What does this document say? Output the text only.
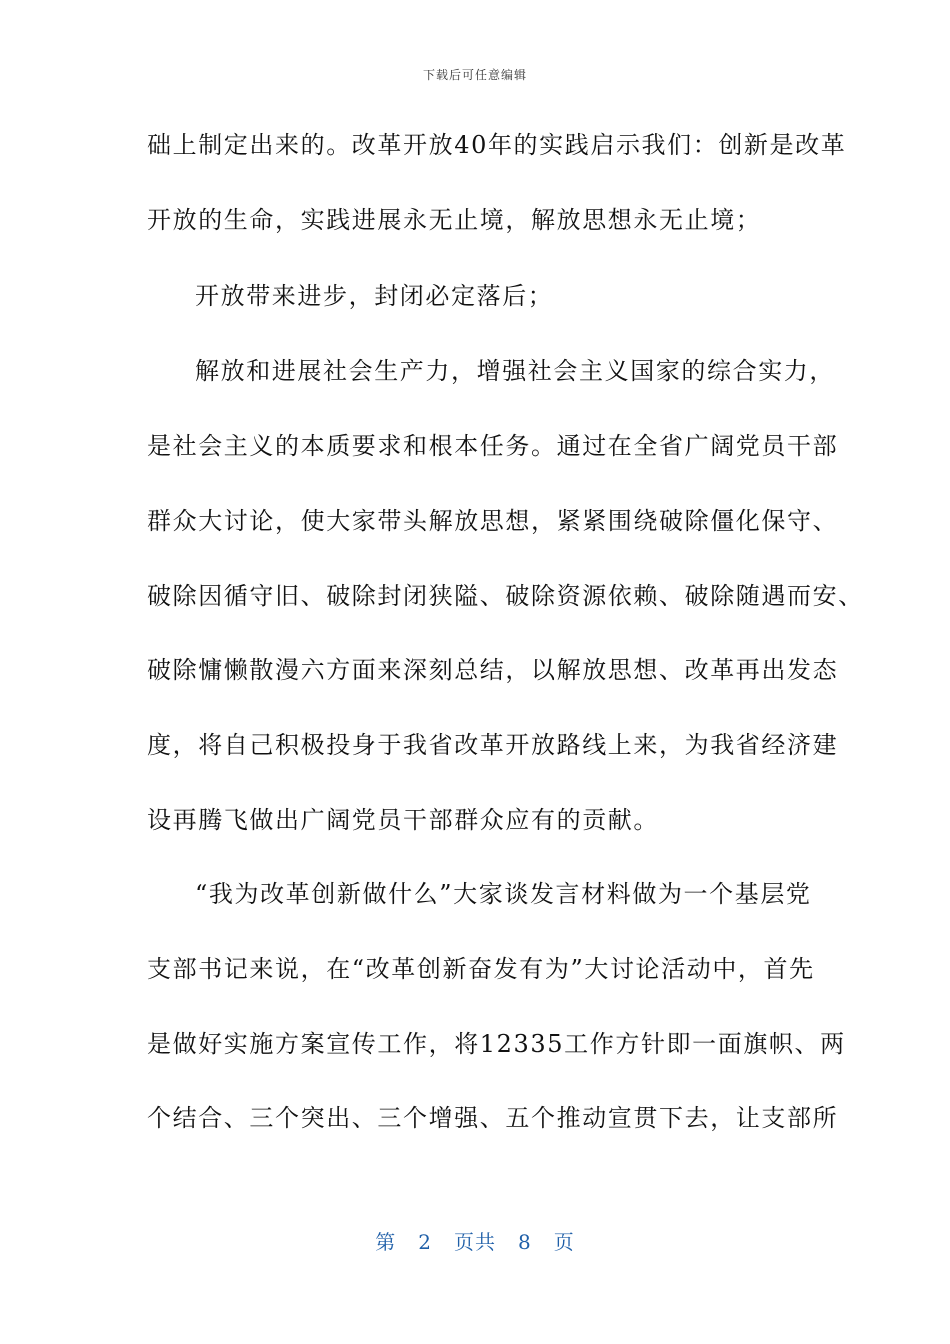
下载后可任意编辑
础上制定出来的。改革开放40年的实践启示我们：创新是改革
开放的生命，实践进展永无止境，解放思想永无止境；
开放带来进步，封闭必定落后；
解放和进展社会生产力，增强社会主义国家的综合实力，
是社会主义的本质要求和根本任务。通过在全省广阔党员干部
群众大讨论，使大家带头解放思想，紧紧围绕破除僵化保守、
破除因循守旧、破除封闭狭隘、破除资源依赖、破除随遇而安、
破除慵懒散漫六方面来深刻总结，以解放思想、改革再出发态
度，将自己积极投身于我省改革开放路线上来，为我省经济建
设再腾飞做出广阔党员干部群众应有的贡献。
“我为改革创新做什么”大家谈发言材料做为一个基层党
支部书记来说，在“改革创新奋发有为”大讨论活动中，首先
是做好实施方案宣传工作，将12335工作方针即一面旗帜、两
个结合、三个突出、三个增强、五个推动宣贯下去，让支部所
第 2 页共 8 页
